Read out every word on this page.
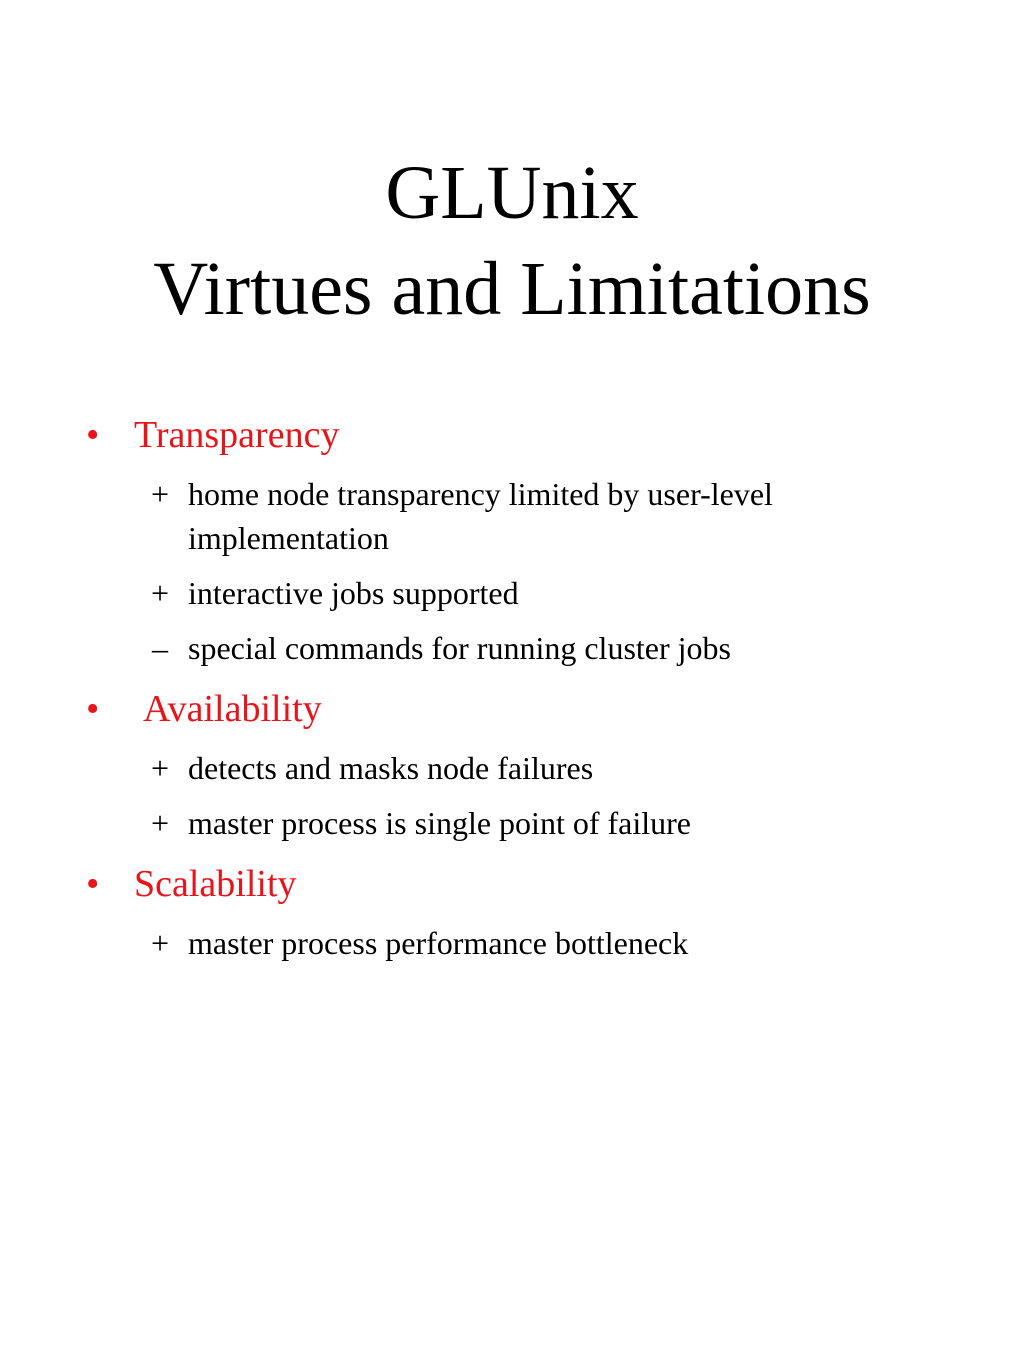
GLUnix
Virtues and Limitations
• Transparency
+ home node transparency limited by user-level
implementation
+ interactive jobs supported
– special commands for running cluster jobs
• Availability
+ detects and masks node failures
+ master process is single point of failure
• Scalability
+ master process performance bottleneck
